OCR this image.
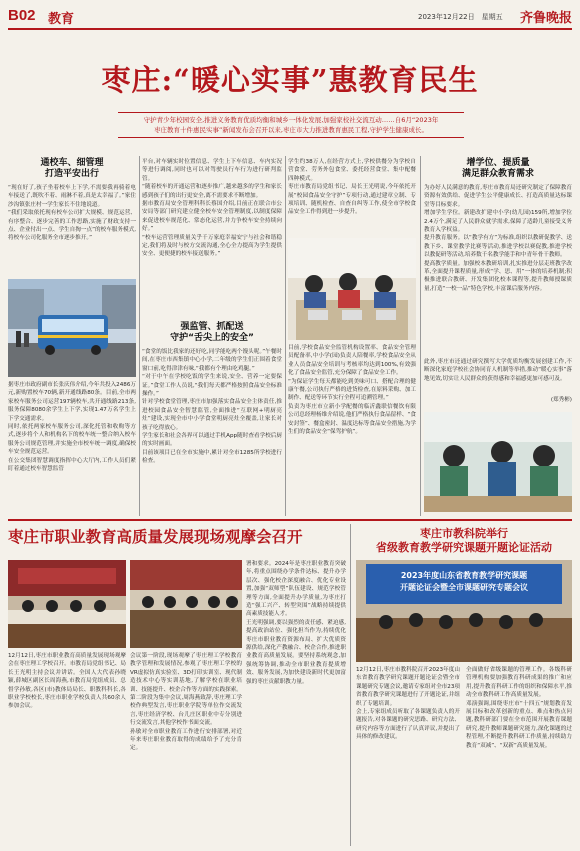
B02 教育	2023年12月22日　星期五 齐鲁晚报
枣庄:“暖心实事”惠教育民生
守护青少年校园安全,推进义务教育优质均衡和城乡一体化发展,加强家校社交流互动……自6月“2023年
枣庄教育十件惠民实事”新闻发布会召开以来,枣庄市大力推进教育惠民工程,守护学生健康成长。
通校车、细管理
打造平安出行
“现在好了,孩子坐着校车上下学,不需要我再骑着电车接送了,既吹不着、雨淋不着,真是太幸福了。”家住沙沟镇张庄村一学生家长不住地说道。
“我们采取依托现有校车公司扩大规模、规范运营、有序整合、逐步完善的工作思路,实施了财政支持一点、企业付出一点、学生自掏一点”的校车服务模式,将校车公司化服务全市逐步推开。”
据枣庄市政府副市长张庆伟介绍,今年共投入2486万元,新购置校车70辆,新开通线路80条。目前,全市两家校车服务公司运营197辆校车,共开通线路213条,服务保障8080余学生上下学,实现1.47万名学生上下学交通需求。
同时,依托两家校车服务公司,深化托管和收购等方式,逐步将个人和机构名下的校车统一整合纳入校车服务公司规范管理,并实施全市校车统一调度,确保校车安全规范运营。
在公交集团智慧调度指挥中心大厅内,工作人员们紧盯着通过校车智慧监管
平台,对车辆实时位置信息、学生上下车信息、车内实况等进行调阅,同时也可以对驾驶员行车行为进行研判监管。
“随着校车的开通运营和逐步推广,越来越多的学生和家长感到孩子们的出行更安全,离不需要求不断增加。
据市教育局安全管理科科长蔡国介绍,目前正在联合市公安局等部门研究建立健全校车安全管理制度,以制度保障来促进校车规范化、常态化运营,并力争校车安全持续向好。”
“校车运营管理质量关乎千万家庭幸福安宁与社会和谐稳定,我们将及时与校方交流沟通,全心全力提高为学生提供安全、更便捷的校车接送服务。”
强监管、抓配送
守护“舌尖上的安全”
“食堂的饭比我家的还好吃,同学能吃两个馒头呢。”午餐时间,在枣庄市西集镇中心小学,二年级的学生们正围着食堂窗口前,吃得津津有味,“我都有个理由吃鸡腿。”
“对于中午在学校吃饭的学生来说,安全、营养一定要保证。”食堂工作人员说,“我们每天都严格按照食品安全标准操作。”
针对学校食堂管理,枣庄市加强落实食品安全主体责任,推进校园食品安全智慧监管,全面推进“互联网+明厨亮灶”建设,实现全市中小学食堂明厨亮灶全覆盖,让家长对孩子吃得放心。
学生家长和社会各界可以通过手机App随时查看学校后厨的实时画面。
目前该项目已在全市实施中,累计对全市1285所学校进行检查。
学生约38万人,在经营方式上,学校供餐分为学校自营食堂、劳务外包食堂、委托经营食堂、集中配餐四种模式。
枣庄市教育局党组书记、局长王光明说,今年依托开展“校园食品安全守护”专项行动,通过建章立制、专项培训、随机检查、自查自纠等工作,使全市学校食品安全工作得到进一步提升。
目前,学校食品安全监管机构设置率、食品安全管理员配备率,中小学(园)负责人陪餐率,学校食品安全从业人员食品安全培训与考核率均达到100%,有效强化了食品安全监管,充分保障了食品安全工作。
“为保证学生每天都能吃到美味可口、搭配合理的健康午餐,公司执行严格的进货检查,在原料采购、加工制作、配送等环节实行全程可追溯管理。”
负责为枣庄市立新小学配餐的临沂鑫联信餐饮有限公司总经理杨维介绍说,他们严格执行食品留样、“食安封签”、餐盒密封、温度达标等食品安全措施,为学生们的食品安全“保驾护航”。
增学位、提质量
满足群众教育需求
为办好人民满意的教育,枣庄市教育局还研究制定了保障教育资源有效供给、促进学生公平健康成长、打造高质量达标课堂等目标要求。
增加学生学位。新建改扩建中小学(幼儿园)159所,增加学位2.4万个,满足了人民群众就学需求,保障了适龄儿童接受义务教育入学权益。
提升教育服务。以“教学有方”为标准,组织以教研促教学、送教下乡、课堂教学比赛等活动,推进学校以赛促教,推进学校以教促研等活动,培养数千名教学能手和中青年骨干教师。
提高教学质量。加强校本教研培训,扎实推进分层走班教学改革,全面提升课程质量,形成“学、思、用”一体的培养机制;积极推进联合教研、开发集团化校本课程等,提升教师授课质量,打造“一校一品”特色学校,丰富课后服务内容。
此外,枣庄市还通过研究撰写大学优质均衡发展创建工作,不断深化家庭学校社会协同育人机制等举措,推动“暖心实事”落地见效,切实让人民群众的获得感和幸福感更加可感可及。
(郑秀彬)
枣庄市职业教育高质量发展现场观摩会召开
12月12日,枣庄市职业教育高质量发展现场观摩会在枣庄理工学校召开。市教育局党组书记、局长王光明主持会议并讲话。全国人大代表孙晓颖,薛城区副区长周海燕,市教育局党组成员、总督学孙敏,各区(市)教体局局长、职教科科长,各职业学校校长,枣庄市职业学校负责人共60余人参加会议。
会议第一阶段,现场观摩了枣庄理工学校教育教学管理和发展情况,参观了枣庄理工学校的VR虚拟仿真实验室、3D打印实训室、现代制造技术中心等实训基地,了解学校在职业培训、技能提升、校企合作等方面的实践探索。
第二阶段为集中会议,周海燕致辞,枣庄理工学校作典型发言,枣庄职业学院等单位作交流发言,枣庄经济学校、台儿庄区职业中专分别进行交流发言,其他学校作书面交流。
孙敏对全市职业教育工作进行安排部署,对近年来枣庄职业教育取得的成绩给予了充分肯定。
署和要求。2024年是枣庄职业教育突破年,将重点围绕办学条件达标、提升办学层次、强化校企深度融合、优化专业设置,加强“双师型”队伍建设、规范学校管理等方面,全面提升办学质量,为枣庄打造“强工兴产、转型突围”战略持续提供高素质技能人才。
王光明强调,要以强烈的责任感、紧迫感,提高政治站位、强化担当作为,持续优化枣庄市职业教育资源布局、扩大优质资源供给,深化产教融合、校企合作,推进职业教育高质量发展。要坚持系统观念,加强统筹协调,推动全市职业教育提质增效、服务发展,为加快建设新时代更加富强的枣庄贡献职教力量。
枣庄市教科院举行
省级教育教学研究课题开题论证活动
2023年度山东省教育教学研究课题
开题论证会暨全市课题研究专题会议
12月12日,枣庄市教科院召开2023年度山东省教育教学研究课题开题论证会暨全市课题研究专题会议,邀请专家组对全市23项省教育教学研究课题进行了开题论证,并组织了专题培训。
会上,专家组成员听取了各课题负责人的开题报告,对各课题的研究思路、研究方法、研究内容等方面进行了认真评议,并提出了具体的修改建议。
全面做好省级课题的管理工作。各级科研管理机构要加强教育科研成果的推广和应用,提升教育科研工作的组织和保障水平,推动全市教科研工作高质量发展。
邓演强调,围绕枣庄市“十四五”规划教育发展目标和改革创新的重点、难点和热点问题,教科研部门要在全市范围开展教育课题研究,提升教师课题研究能力,深化课题的过程管理,不断提升教科研工作质量,持续助力教育“双减”、“双新”高质量发展。
